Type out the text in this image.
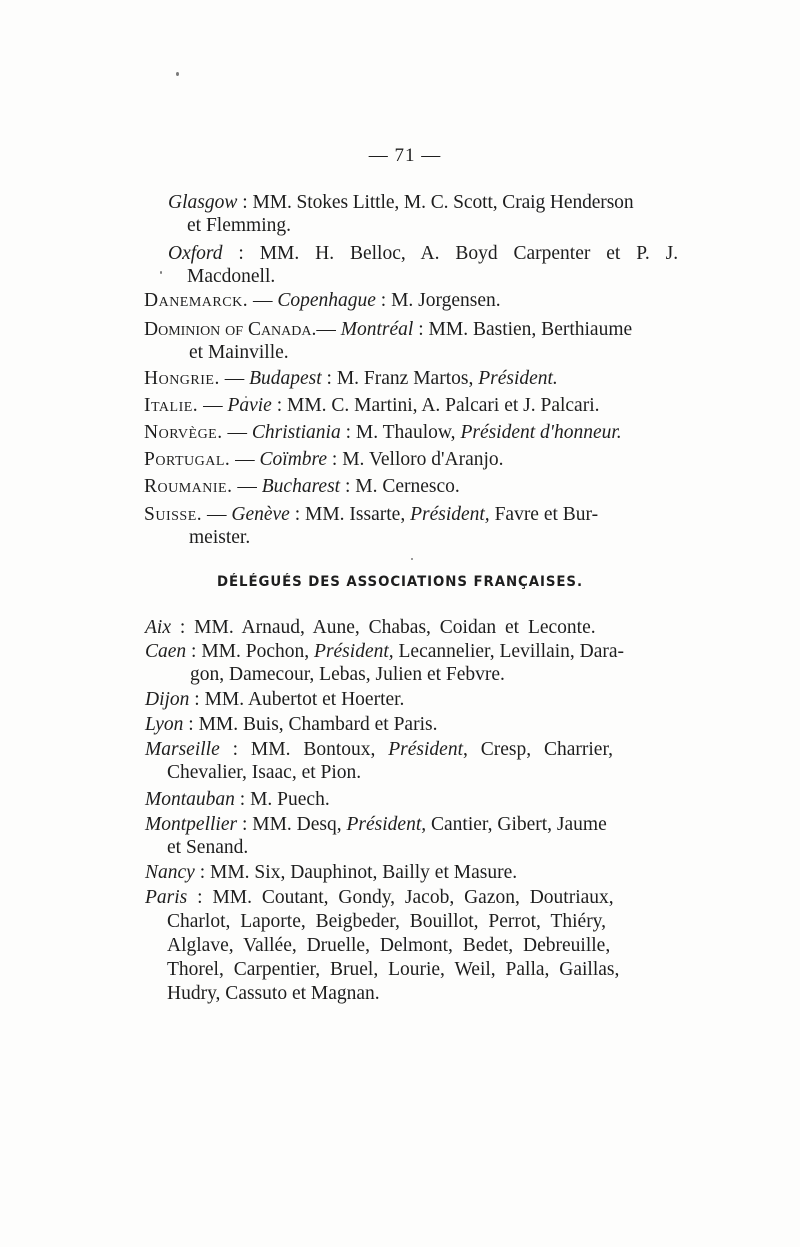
— 71 —
Glasgow : MM. Stokes Little, M. C. Scott, Craig Henderson
et Flemming.
Oxford : MM. H. Belloc, A. Boyd Carpenter et P. J.
Macdonell.
Danemarck. — Copenhague : M. Jorgensen.
Dominion of Canada.— Montréal : MM. Bastien, Berthiaume
et Mainville.
Hongrie. — Budapest : M. Franz Martos, Président.
Italie. — Pavie : MM. C. Martini, A. Palcari et J. Palcari.
Norvège. — Christiania : M. Thaulow, Président d'honneur.
Portugal. — Coïmbre : M. Velloro d'Aranjo.
Roumanie. — Bucharest : M. Cernesco.
Suisse. — Genève : MM. Issarte, Président, Favre et Bur-
meister.
DÉLÉGUÉS DES ASSOCIATIONS FRANÇAISES.
Aix : MM. Arnaud, Aune, Chabas, Coidan et Leconte.
Caen : MM. Pochon, Président, Lecannelier, Levillain, Dara-
gon, Damecour, Lebas, Julien et Febvre.
Dijon : MM. Aubertot et Hoerter.
Lyon : MM. Buis, Chambard et Paris.
Marseille : MM. Bontoux, Président, Cresp, Charrier,
Chevalier, Isaac, et Pion.
Montauban : M. Puech.
Montpellier : MM. Desq, Président, Cantier, Gibert, Jaume
et Senand.
Nancy : MM. Six, Dauphinot, Bailly et Masure.
Paris : MM. Coutant, Gondy, Jacob, Gazon, Doutriaux,
Charlot, Laporte, Beigbeder, Bouillot, Perrot, Thiéry,
Alglave, Vallée, Druelle, Delmont, Bedet, Debreuille,
Thorel, Carpentier, Bruel, Lourie, Weil, Palla, Gaillas,
Hudry, Cassuto et Magnan.
